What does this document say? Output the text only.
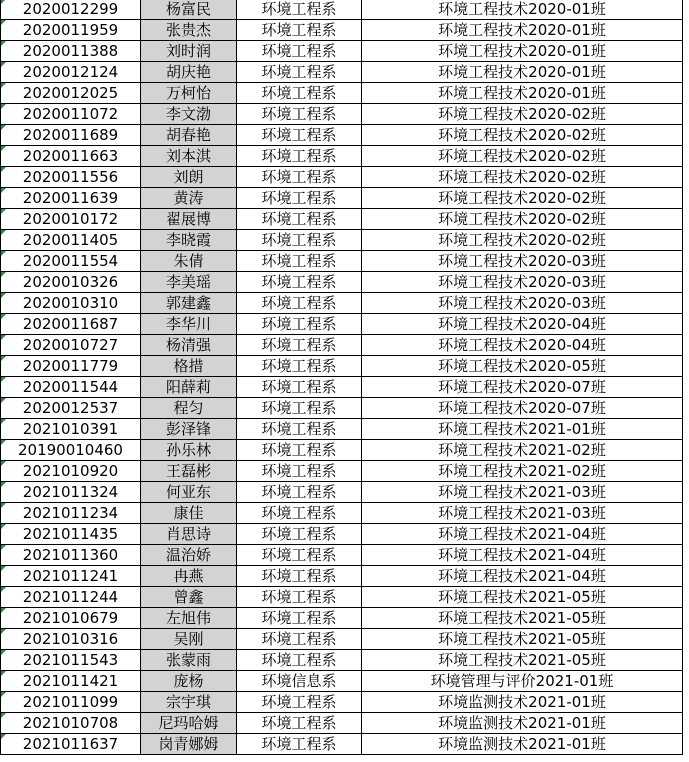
2020012299	杨富民	环境工程系	环境工程技术2020-01班
2020011959	张贵杰	环境工程系	环境工程技术2020-01班
2020011388	刘时润	环境工程系	环境工程技术2020-01班
2020012124	胡庆艳	环境工程系	环境工程技术2020-01班
2020012025	万柯怡	环境工程系	环境工程技术2020-01班
2020011072	李文渤	环境工程系	环境工程技术2020-02班
2020011689	胡春艳	环境工程系	环境工程技术2020-02班
2020011663	刘本淇	环境工程系	环境工程技术2020-02班
2020011556	刘朗	环境工程系	环境工程技术2020-02班
2020011639	黄涛	环境工程系	环境工程技术2020-02班
2020010172	翟展博	环境工程系	环境工程技术2020-02班
2020011405	李晓霞	环境工程系	环境工程技术2020-02班
2020011554	朱倩	环境工程系	环境工程技术2020-03班
2020010326	李美瑶	环境工程系	环境工程技术2020-03班
2020010310	郭建鑫	环境工程系	环境工程技术2020-03班
2020011687	李华川	环境工程系	环境工程技术2020-04班
2020010727	杨清强	环境工程系	环境工程技术2020-04班
2020011779	格措	环境工程系	环境工程技术2020-05班
2020011544	阳薛莉	环境工程系	环境工程技术2020-07班
2020012537	程匀	环境工程系	环境工程技术2020-07班
2021010391	彭泽锋	环境工程系	环境工程技术2021-01班
20190010460	孙乐林	环境工程系	环境工程技术2021-02班
2021010920	王磊彬	环境工程系	环境工程技术2021-02班
2021011324	何亚东	环境工程系	环境工程技术2021-03班
2021011234	康佳	环境工程系	环境工程技术2021-03班
2021011435	肖思诗	环境工程系	环境工程技术2021-04班
2021011360	温治娇	环境工程系	环境工程技术2021-04班
2021011241	冉燕	环境工程系	环境工程技术2021-04班
2021011244	曾鑫	环境工程系	环境工程技术2021-05班
2021010679	左旭伟	环境工程系	环境工程技术2021-05班
2021010316	吴刚	环境工程系	环境工程技术2021-05班
2021011543	张蒙雨	环境工程系	环境工程技术2021-05班
2021011421	庞杨	环境信息系	环境管理与评价2021-01班
2021011099	宗宇琪	环境工程系	环境监测技术2021-01班
2021010708	尼玛哈姆	环境工程系	环境监测技术2021-01班
2021011637	岗青娜姆	环境工程系	环境监测技术2021-01班
